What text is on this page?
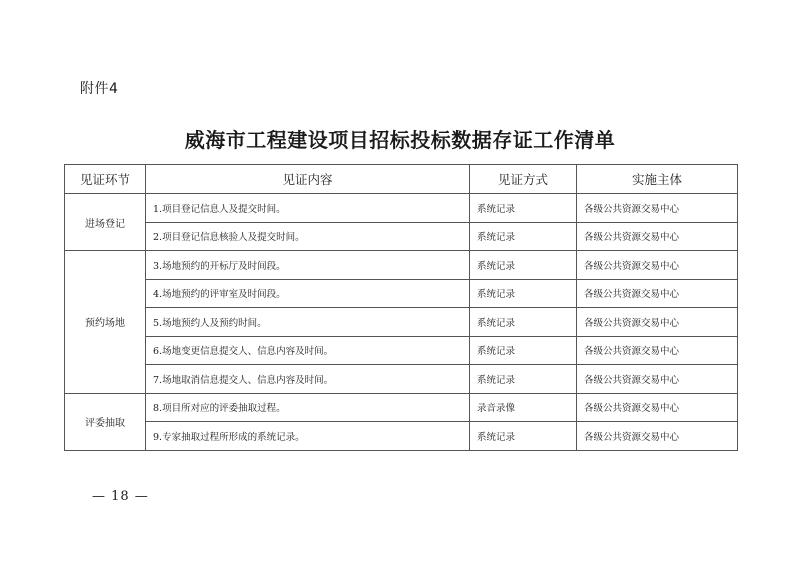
附件4
威海市工程建设项目招标投标数据存证工作清单
见证环节	见证内容	见证方式	实施主体
进场登记	1.项目登记信息人及提交时间。	系统记录	各级公共资源交易中心
	2.项目登记信息核验人及提交时间。	系统记录	各级公共资源交易中心
预约场地	3.场地预约的开标厅及时间段。	系统记录	各级公共资源交易中心
	4.场地预约的评审室及时间段。	系统记录	各级公共资源交易中心
	5.场地预约人及预约时间。	系统记录	各级公共资源交易中心
	6.场地变更信息提交人、信息内容及时间。	系统记录	各级公共资源交易中心
	7.场地取消信息提交人、信息内容及时间。	系统记录	各级公共资源交易中心
评委抽取	8.项目所对应的评委抽取过程。	录音录像	各级公共资源交易中心
	9.专家抽取过程所形成的系统记录。	系统记录	各级公共资源交易中心
— 18 —
